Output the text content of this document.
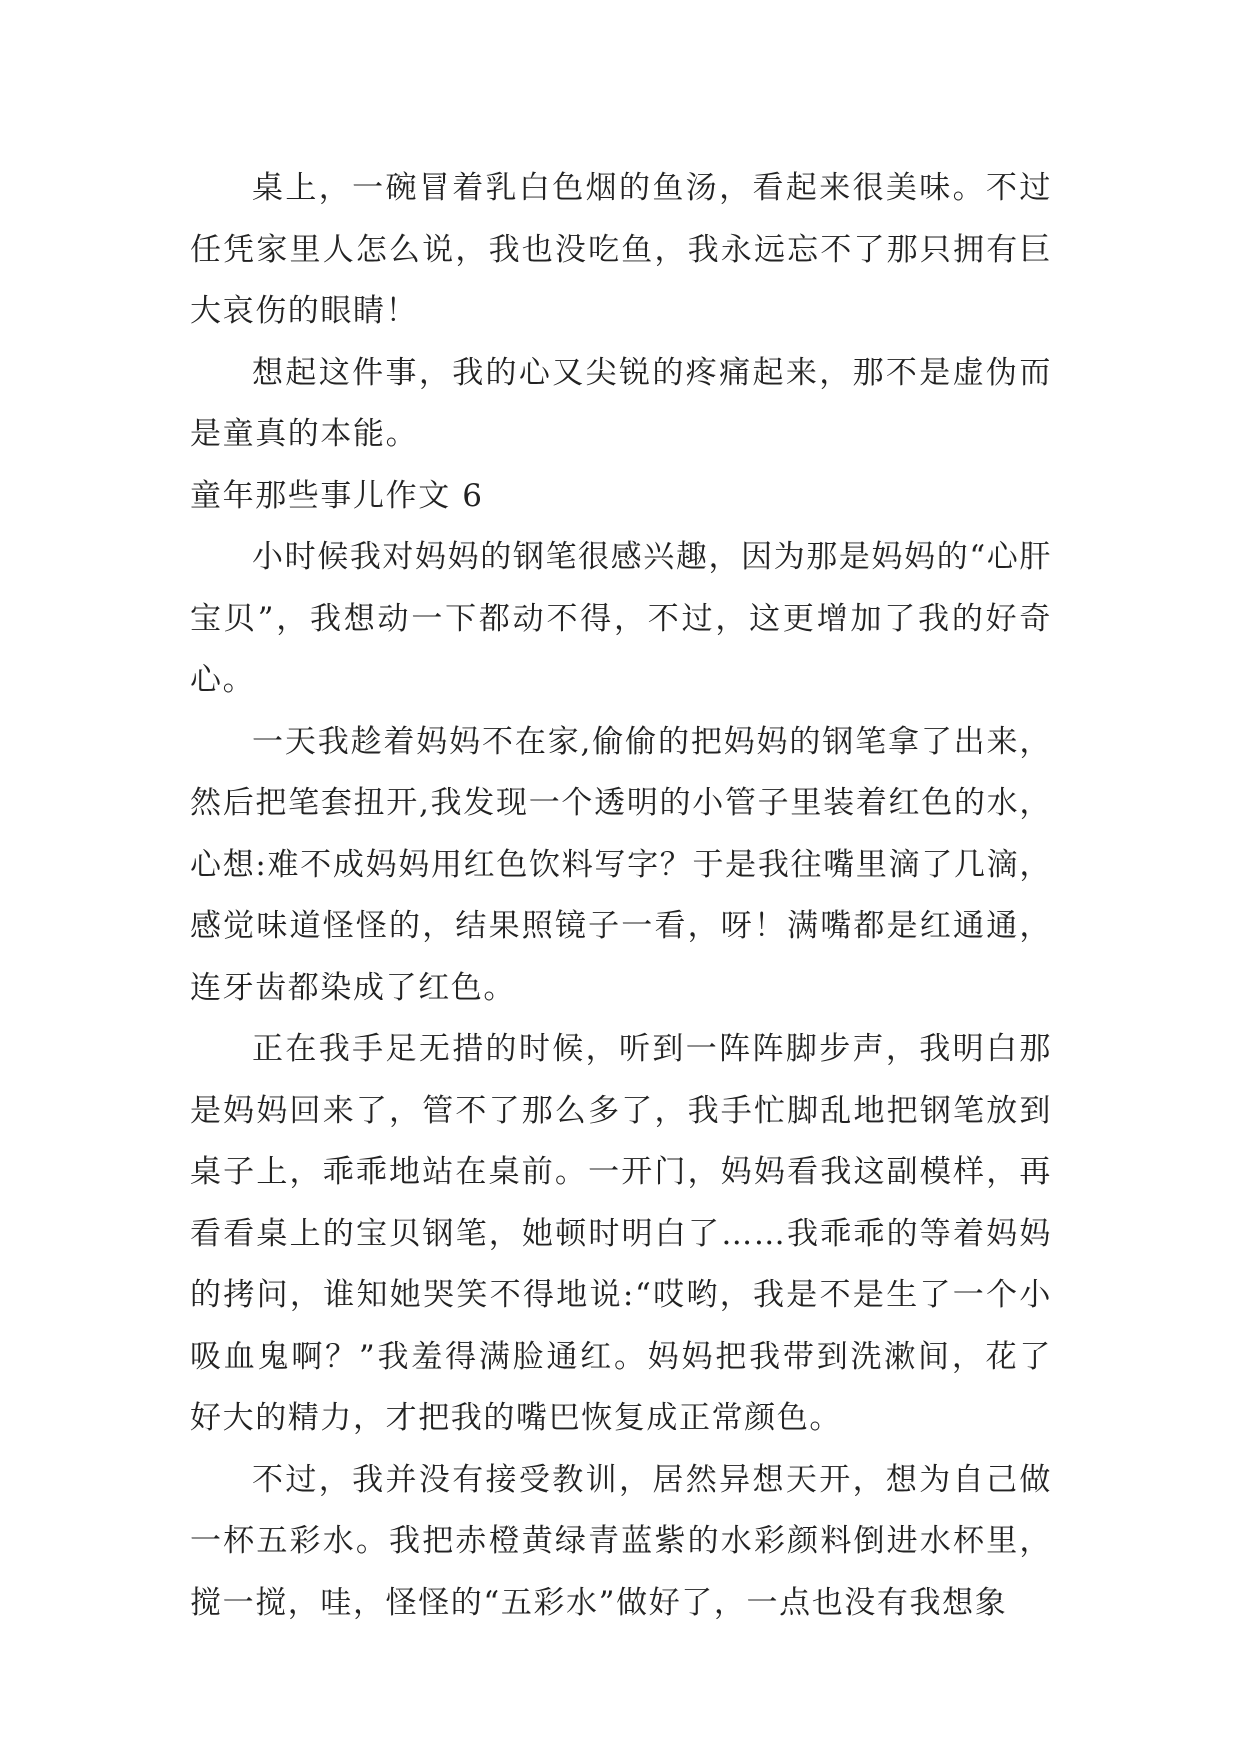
桌上，一碗冒着乳白色烟的鱼汤，看起来很美味。不过任凭家里人怎么说，我也没吃鱼，我永远忘不了那只拥有巨大哀伤的眼睛！

想起这件事，我的心又尖锐的疼痛起来，那不是虚伪而是童真的本能。

童年那些事儿作文 6

小时候我对妈妈的钢笔很感兴趣，因为那是妈妈的“心肝宝贝”，我想动一下都动不得，不过，这更增加了我的好奇心。

一天我趁着妈妈不在家,偷偷的把妈妈的钢笔拿了出来，然后把笔套扭开,我发现一个透明的小管子里装着红色的水，心想:难不成妈妈用红色饮料写字？于是我往嘴里滴了几滴，感觉味道怪怪的，结果照镜子一看，呀！满嘴都是红通通，连牙齿都染成了红色。

正在我手足无措的时候，听到一阵阵脚步声，我明白那是妈妈回来了，管不了那么多了，我手忙脚乱地把钢笔放到桌子上，乖乖地站在桌前。一开门，妈妈看我这副模样，再看看桌上的宝贝钢笔，她顿时明白了……我乖乖的等着妈妈的拷问，谁知她哭笑不得地说:“哎哟，我是不是生了一个小吸血鬼啊？”我羞得满脸通红。妈妈把我带到洗漱间，花了好大的精力，才把我的嘴巴恢复成正常颜色。

不过，我并没有接受教训，居然异想天开，想为自己做一杯五彩水。我把赤橙黄绿青蓝紫的水彩颜料倒进水杯里，搅一搅，哇，怪怪的“五彩水”做好了，一点也没有我想象
